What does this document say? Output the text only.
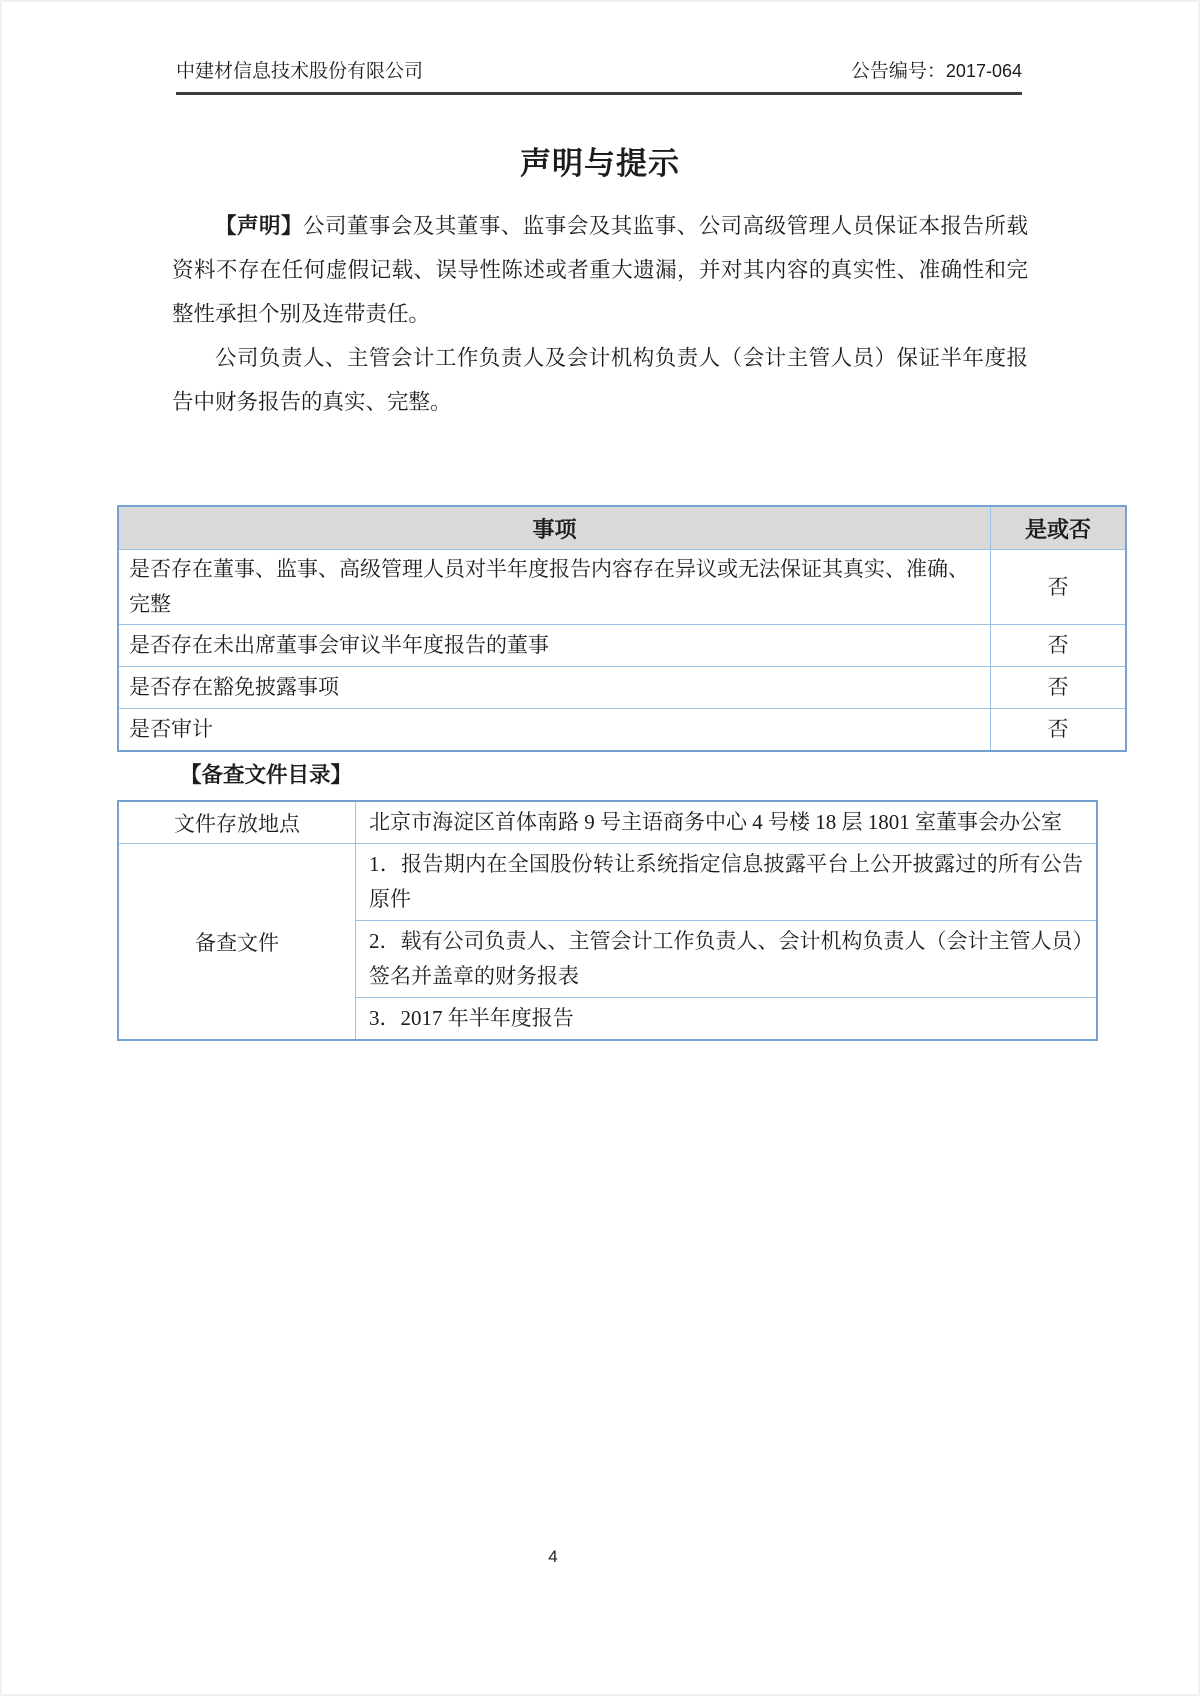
中建材信息技术股份有限公司	公告编号：2017-064
声明与提示

【声明】公司董事会及其董事、监事会及其监事、公司高级管理人员保证本报告所载资料不存在任何虚假记载、误导性陈述或者重大遗漏，并对其内容的真实性、准确性和完整性承担个别及连带责任。

公司负责人、主管会计工作负责人及会计机构负责人（会计主管人员）保证半年度报告中财务报告的真实、完整。

事项	是或否
是否存在董事、监事、高级管理人员对半年度报告内容存在异议或无法保证其真实、准确、完整	否
是否存在未出席董事会审议半年度报告的董事	否
是否存在豁免披露事项	否
是否审计	否
【备查文件目录】
文件存放地点	北京市海淀区首体南路 9 号主语商务中心 4 号楼 18 层 1801 室董事会办公室
备查文件	1．报告期内在全国股份转让系统指定信息披露平台上公开披露过的所有公告原件
	2．载有公司负责人、主管会计工作负责人、会计机构负责人（会计主管人员）签名并盖章的财务报表
	3．2017 年半年度报告
4
